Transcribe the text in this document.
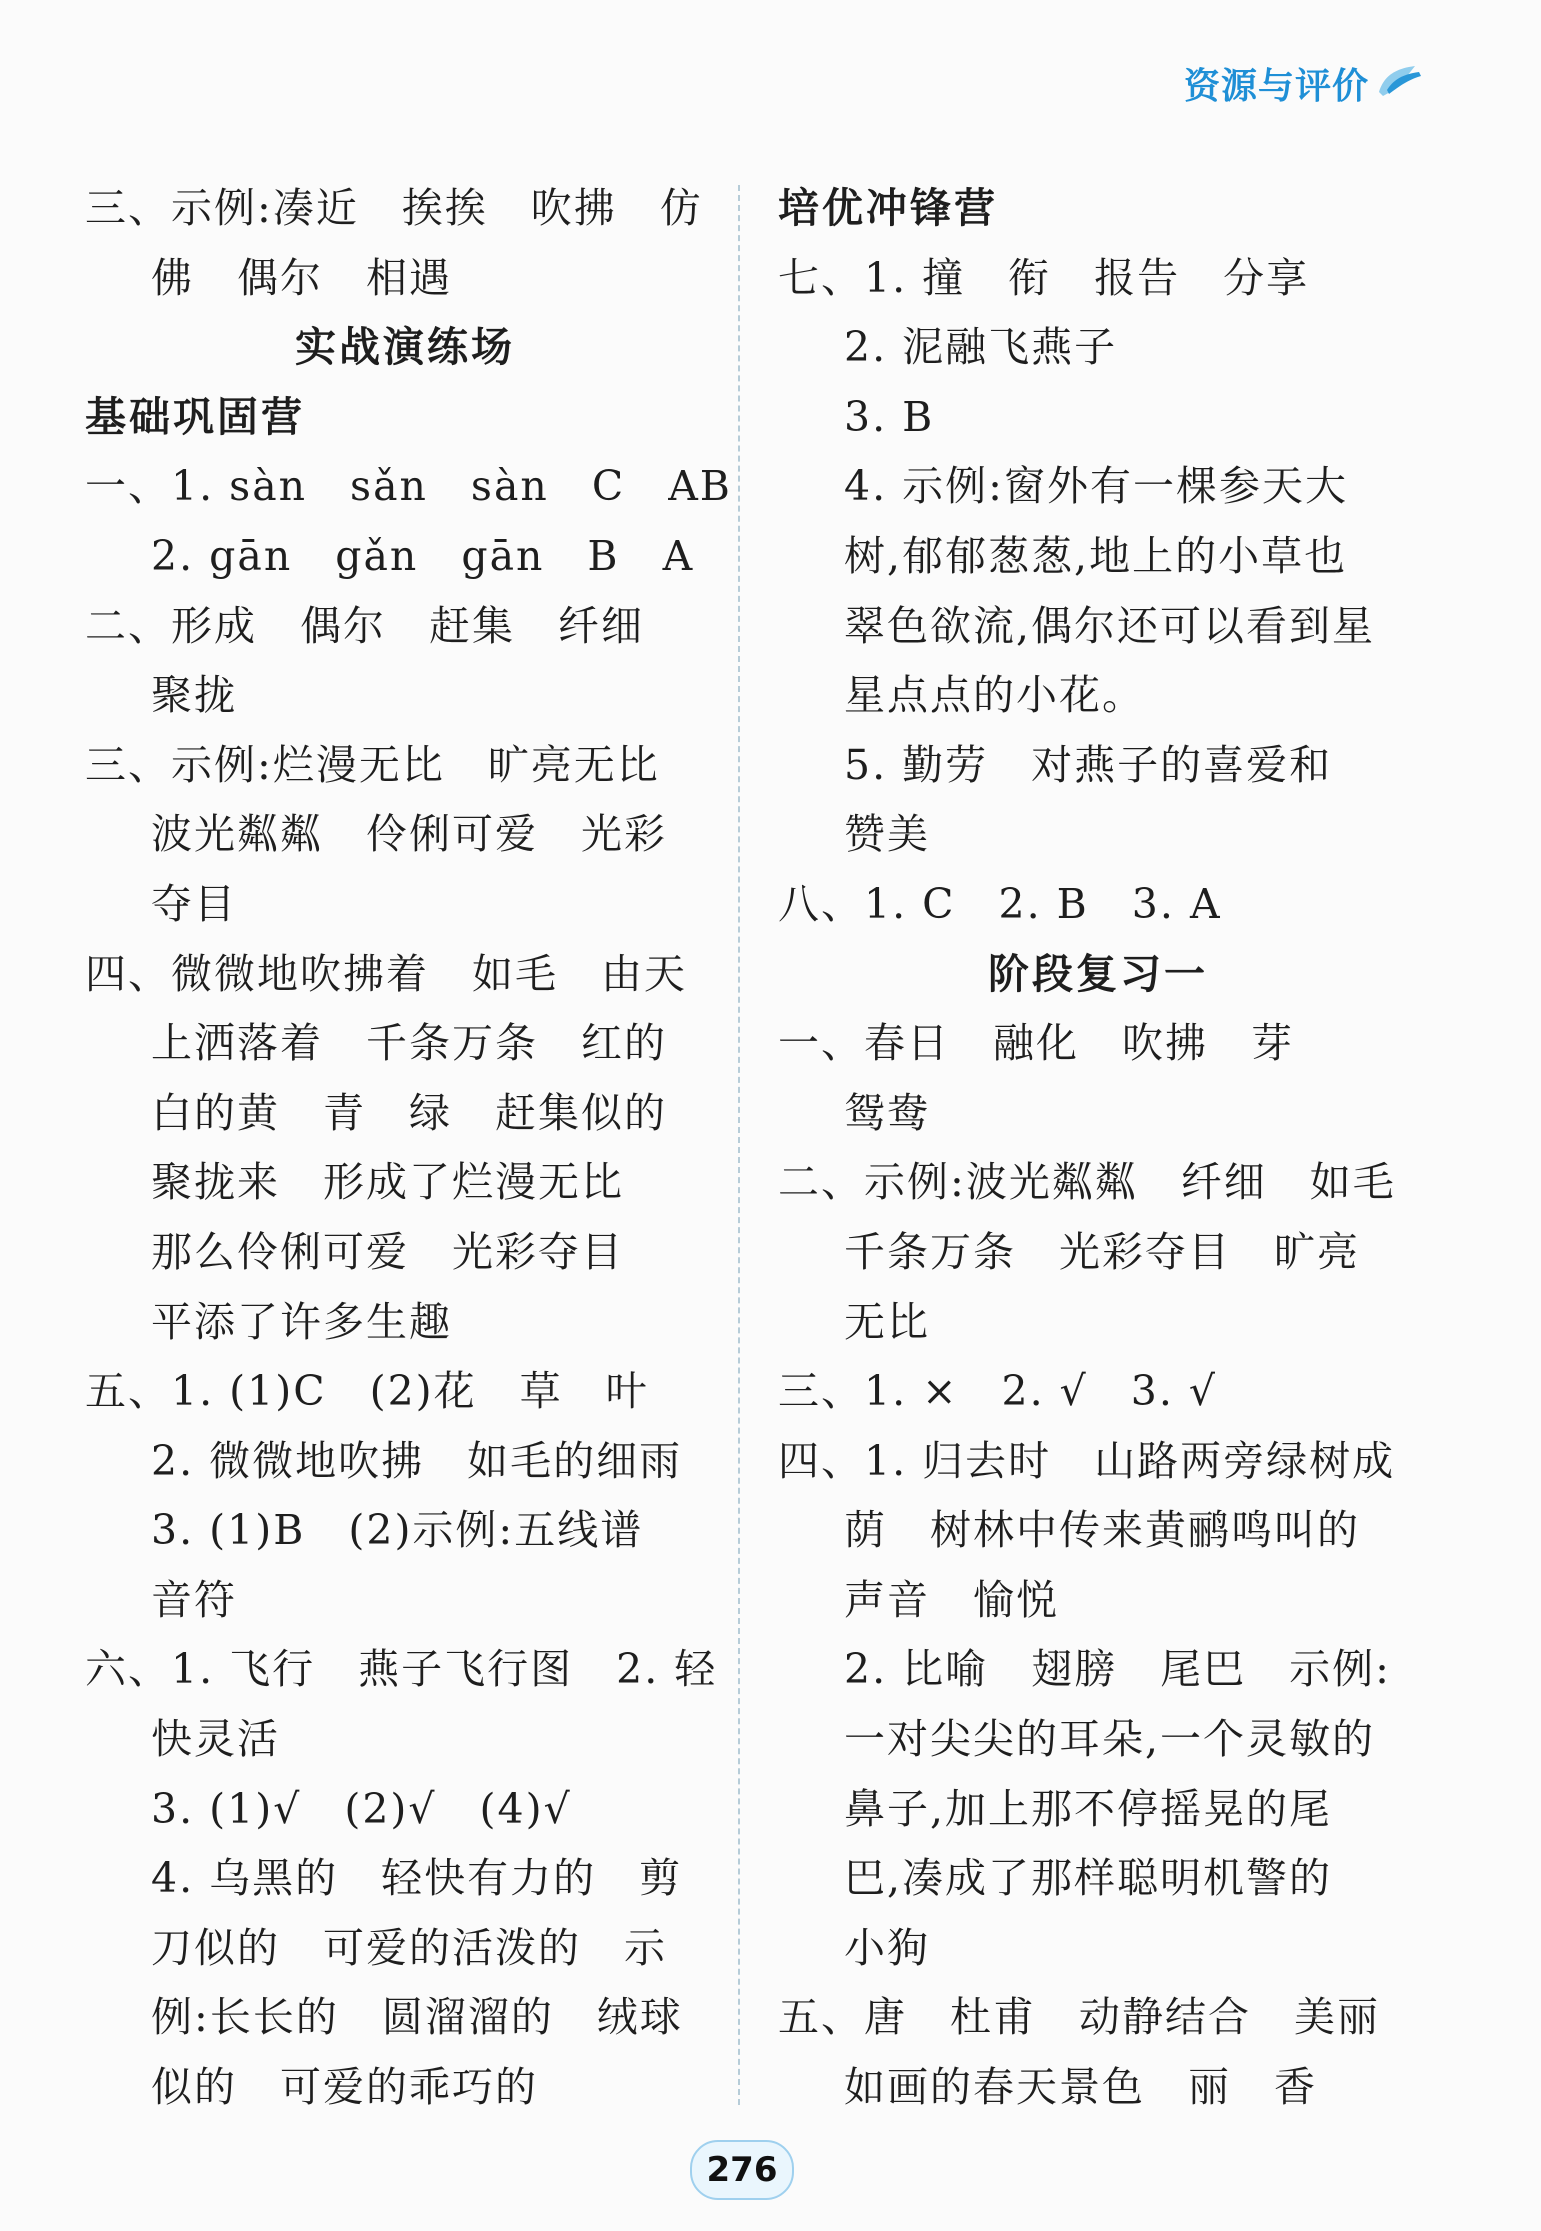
资源与评价
三、示例:凑近　挨挨　吹拂　仿
佛　偶尔　相遇
实战演练场
基础巩固营
一、1. sàn　sǎn　sàn　C　AB
2. gān　gǎn　gān　B　A
二、形成　偶尔　赶集　纤细
聚拢
三、示例:烂漫无比　旷亮无比
波光粼粼　伶俐可爱　光彩
夺目
四、微微地吹拂着　如毛　由天
上洒落着　千条万条　红的
白的黄　青　绿　赶集似的
聚拢来　形成了烂漫无比
那么伶俐可爱　光彩夺目
平添了许多生趣
五、1. (1)C　(2)花　草　叶
2. 微微地吹拂　如毛的细雨
3. (1)B　(2)示例:五线谱
音符
六、1. 飞行　燕子飞行图　2. 轻
快灵活
3. (1)√　(2)√　(4)√
4. 乌黑的　轻快有力的　剪
刀似的　可爱的活泼的　示
例:长长的　圆溜溜的　绒球
似的　可爱的乖巧的
培优冲锋营
七、1. 撞　衔　报告　分享
2. 泥融飞燕子
3. B
4. 示例:窗外有一棵参天大
树,郁郁葱葱,地上的小草也
翠色欲流,偶尔还可以看到星
星点点的小花。
5. 勤劳　对燕子的喜爱和
赞美
八、1. C　2. B　3. A
阶段复习一
一、春日　融化　吹拂　芽
鸳鸯
二、示例:波光粼粼　纤细　如毛
千条万条　光彩夺目　旷亮
无比
三、1. ×　2. √　3. √
四、1. 归去时　山路两旁绿树成
荫　树林中传来黄鹂鸣叫的
声音　愉悦
2. 比喻　翅膀　尾巴　示例:
一对尖尖的耳朵,一个灵敏的
鼻子,加上那不停摇晃的尾
巴,凑成了那样聪明机警的
小狗
五、唐　杜甫　动静结合　美丽
如画的春天景色　丽　香
276
